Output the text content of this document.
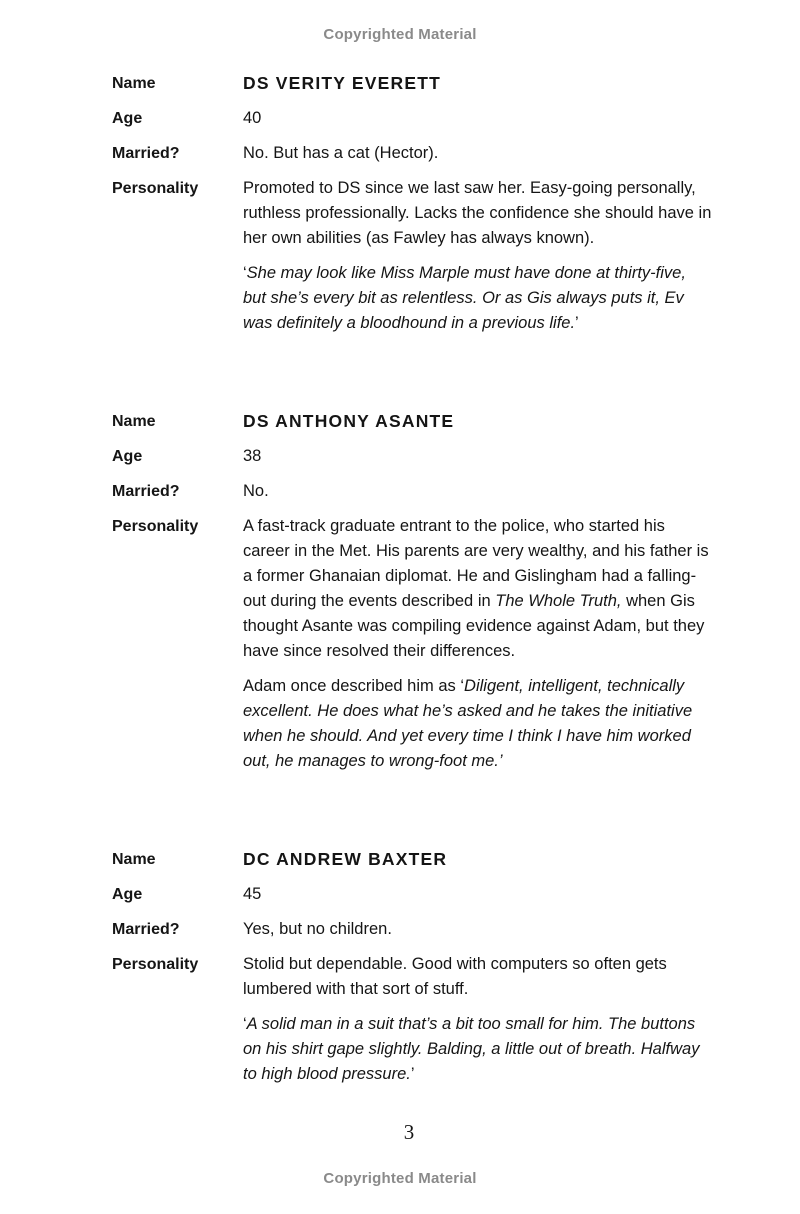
Copyrighted Material
Name	DS VERITY EVERETT
Age	40
Married?	No. But has a cat (Hector).
Personality	Promoted to DS since we last saw her. Easy-going personally, ruthless professionally. Lacks the confidence she should have in her own abilities (as Fawley has always known).
‘She may look like Miss Marple must have done at thirty-five, but she’s every bit as relentless. Or as Gis always puts it, Ev was definitely a bloodhound in a previous life.’
Name	DS ANTHONY ASANTE
Age	38
Married?	No.
Personality	A fast-track graduate entrant to the police, who started his career in the Met. His parents are very wealthy, and his father is a former Ghanaian diplomat. He and Gislingham had a falling-out during the events described in The Whole Truth, when Gis thought Asante was compiling evidence against Adam, but they have since resolved their differences.
Adam once described him as ‘Diligent, intelligent, technically excellent. He does what he’s asked and he takes the initiative when he should. And yet every time I think I have him worked out, he manages to wrong-foot me.’
Name	DC ANDREW BAXTER
Age	45
Married?	Yes, but no children.
Personality	Stolid but dependable. Good with computers so often gets lumbered with that sort of stuff.
‘A solid man in a suit that’s a bit too small for him. The buttons on his shirt gape slightly. Balding, a little out of breath. Halfway to high blood pressure.’
3
Copyrighted Material
